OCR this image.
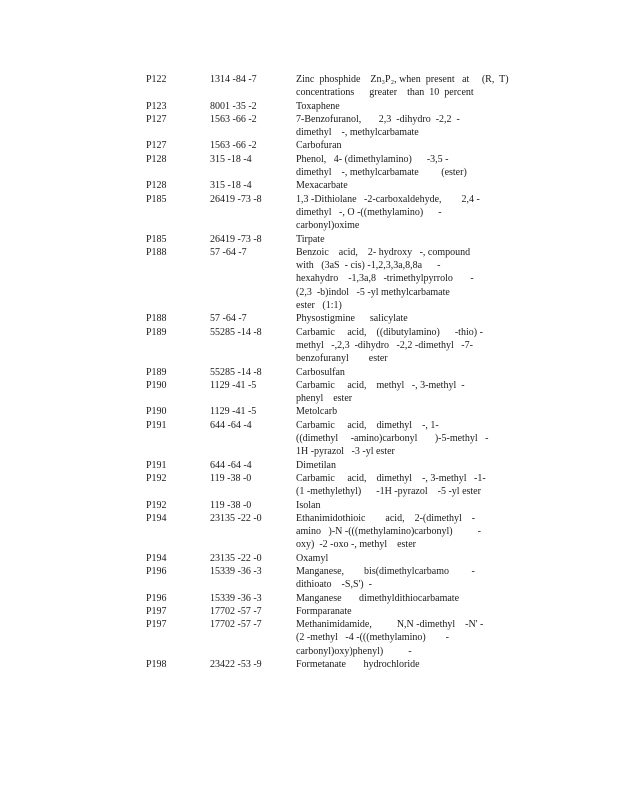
P122	1314 -84 -7	Zinc  phosphide    Zn₃P₂, when  present   at     (R,  T)
concentrations      greater    than  10  percent
P123	8001 -35 -2	Toxaphene
P127	1563 -66 -2	7-Benzofuranol,       2,3  -dihydro  -2,2  -
dimethyl    -, methylcarbamate
P127	1563 -66 -2	Carbofuran
P128	315 -18 -4	Phenol,   4- (dimethylamino)      -3,5 -
dimethyl    -, methylcarbamate         (ester)
P128	315 -18 -4	Mexacarbate
P185	26419 -73 -8	1,3 -Dithiolane   -2-carboxaldehyde,        2,4 -
dimethyl   -, O -((methylamino)      -
carbonyl)oxime
P185	26419 -73 -8	Tirpate
P188	57 -64 -7	Benzoic    acid,    2- hydroxy   -, compound
with   (3aS  - cis) -1,2,3,3a,8,8a      -
hexahydro    -1,3a,8   -trimethylpyrrolo       -
(2,3  -b)indol   -5 -yl methylcarbamate
ester   (1:1)
P188	57 -64 -7	Physostigmine      salicylate
P189	55285 -14 -8	Carbamic     acid,    ((dibutylamino)      -thio) -
methyl   -,2,3  -dihydro   -2,2 -dimethyl   -7-
benzofuranyl        ester
P189	55285 -14 -8	Carbosulfan
P190	1129 -41 -5	Carbamic     acid,    methyl   -, 3-methyl  -
phenyl    ester
P190	1129 -41 -5	Metolcarb
P191	644 -64 -4	Carbamic     acid,    dimethyl    -, 1-
((dimethyl     -amino)carbonyl       )-5-methyl   -
1H -pyrazol   -3 -yl ester
P191	644 -64 -4	Dimetilan
P192	119 -38 -0	Carbamic     acid,    dimethyl    -, 3-methyl   -1-
(1 -methylethyl)      -1H -pyrazol    -5 -yl ester
P192	119 -38 -0	Isolan
P194	23135 -22 -0	Ethanimidothioic        acid,    2-(dimethyl    -
amino   )-N -(((methylamino)carbonyl)          -
oxy)  -2 -oxo -, methyl    ester
P194	23135 -22 -0	Oxamyl
P196	15339 -36 -3	Manganese,        bis(dimethylcarbamo         -
dithioato    -S,S')  -
P196	15339 -36 -3	Manganese       dimethyldithiocarbamate
P197	17702 -57 -7	Formparanate
P197	17702 -57 -7	Methanimidamide,          N,N -dimethyl    -N' -
(2 -methyl   -4 -(((methylamino)        -
carbonyl)oxy)phenyl)          -
P198	23422 -53 -9	Formetanate       hydrochloride
